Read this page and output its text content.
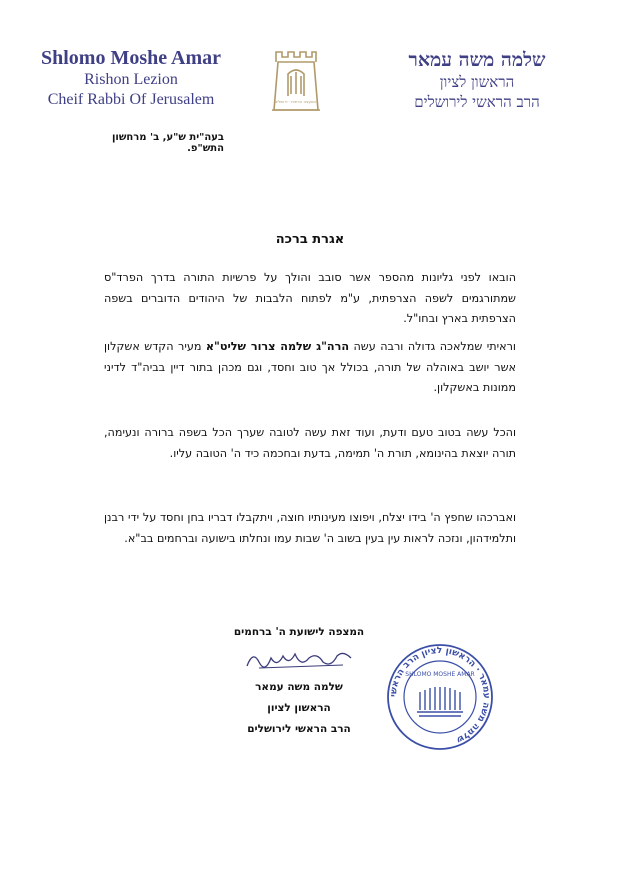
Shlomo Moshe Amar
Rishon Lezion
Cheif Rabbi Of Jerusalem	המועצה הדתית · ירושלים
שלמה משה עמאר
הראשון לציון
הרב הראשי לירושלים
בעה"ית ש"ע, ב' מרחשון התש"פ.
אגרת ברכה
הובאו לפני גליונות מהספר אשר סובב והולך על פרשיות התורה בדרך הפרד"ס שמתורגמים לשפה הצרפתית, ע"מ לפתוח הלבבות של היהודים הדוברים בשפה הצרפתית בארץ ובחו"ל.
וראיתי שמלאכה גדולה ורבה עשה הרה"ג שלמה צרור שליט"א מעיר הקדש אשקלון אשר יושב באוהלה של תורה, בכולל אך טוב וחסד, וגם מכהן בתור דיין בביה"ד לדיני ממונות באשקלון.
והכל עשה בטוב טעם ודעת, ועוד זאת עשה לטובה שערך הכל בשפה ברורה ונעימה, תורה יוצאת בהינומא, תורת ה' תמימה, בדעת ובחכמה כיד ה' הטובה עליו.
ואברכהו שחפץ ה' בידו יצלח, ויפוצו מעינותיו חוצה, ויתקבלו דבריו בחן וחסד על ידי רבנן ותלמידהון, ונזכה לראות עין בעין בשוב ה' שבות עמו ונחלתו בישועה וברחמים בב"א.
המצפה לישועת ה' ברחמים
שלמה משה עמאר
הראשון לציון
הרב הראשי לירושלים
שלמה משה עמאר · הראשון לציון הרב הראשי
SHLOMO MOSHE AMAR
